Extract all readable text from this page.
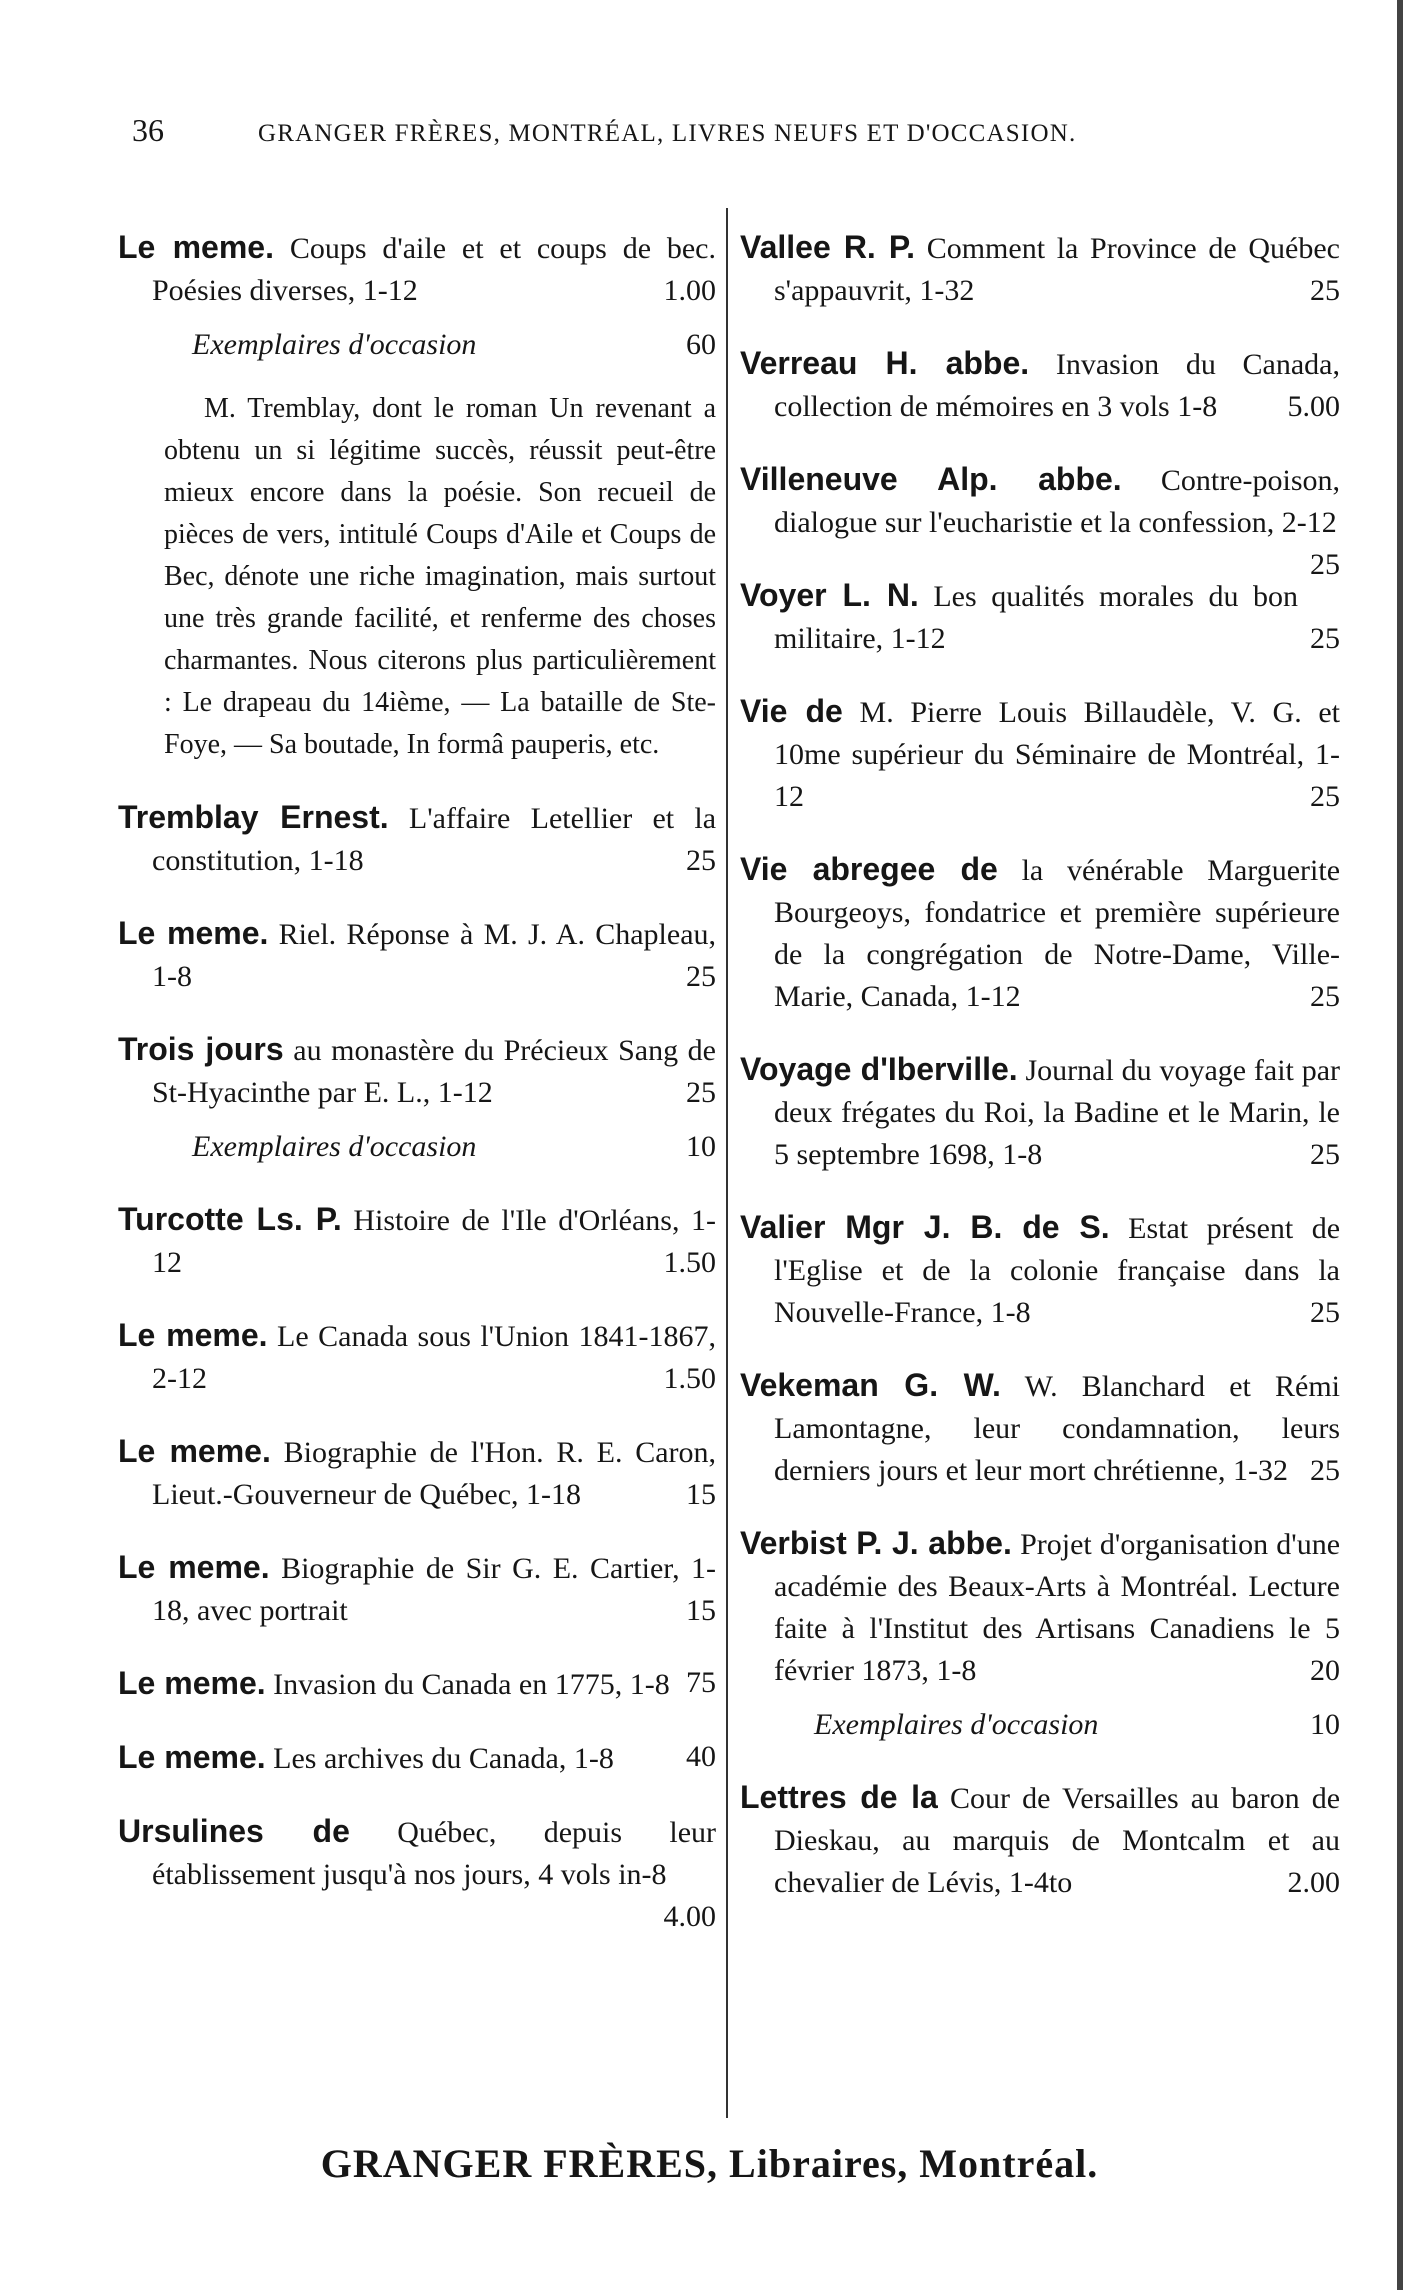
36	GRANGER FRÈRES, MONTRÉAL, LIVRES NEUFS ET D'OCCASION.

Le meme. Coups d'aile et et coups de bec. Poésies diverses, 1-12	1.00

Exemplaires d'occasion	60

M. Tremblay, dont le roman Un revenant a obtenu un si légitime succès, réussit peut-être mieux encore dans la poésie. Son recueil de pièces de vers, intitulé Coups d'Aile et Coups de Bec, dénote une riche imagination, mais surtout une très grande facilité, et renferme des choses charmantes. Nous citerons plus particulièrement : Le drapeau du 14ième, — La bataille de Ste-Foye, — Sa boutade, In formâ pauperis, etc.

Tremblay Ernest. L'affaire Letellier et la constitution, 1-18	25

Le meme. Riel. Réponse à M. J. A. Chapleau, 1-8	25

Trois jours au monastère du Précieux Sang de St-Hyacinthe par E. L., 1-12	25

Exemplaires d'occasion	10

Turcotte Ls. P. Histoire de l'Ile d'Orléans, 1-12	1.50

Le meme. Le Canada sous l'Union 1841-1867, 2-12	1.50

Le meme. Biographie de l'Hon. R. E. Caron, Lieut.-Gouverneur de Québec, 1-18	15

Le meme. Biographie de Sir G. E. Cartier, 1-18, avec portrait	15

Le meme. Invasion du Canada en 1775, 1-8 75

Le meme. Les archives du Canada, 1-8	40

Ursulines de Québec, depuis leur établissement jusqu'à nos jours, 4 vols in-8
4.00

Vallee R. P. Comment la Province de Québec s'appauvrit, 1-32	25

Verreau H. abbe. Invasion du Canada, collection de mémoires en 3 vols 1-8	5.00

Villeneuve Alp. abbe. Contre-poison, dialogue sur l'eucharistie et la confession, 2-12
25

Voyer L. N. Les qualités morales du bon militaire, 1-12	25

Vie de M. Pierre Louis Billaudèle, V. G. et 10me supérieur du Séminaire de Montréal, 1-12	25

Vie abregee de la vénérable Marguerite Bourgeoys, fondatrice et première supérieure de la congrégation de Notre-Dame, Ville-Marie, Canada, 1-12	25

Voyage d'Iberville. Journal du voyage fait par deux frégates du Roi, la Badine et le Marin, le 5 septembre 1698, 1-8	25

Valier Mgr J. B. de S. Estat présent de l'Eglise et de la colonie française dans la Nouvelle-France, 1-8	25

Vekeman G. W. W. Blanchard et Rémi Lamontagne, leur condamnation, leurs derniers jours et leur mort chrétienne, 1-32 25

Verbist P. J. abbe. Projet d'organisation d'une académie des Beaux-Arts à Montréal. Lecture faite à l'Institut des Artisans Canadiens le 5 février 1873, 1-8	20

Exemplaires d'occasion	10

Lettres de la Cour de Versailles au baron de Dieskau, au marquis de Montcalm et au chevalier de Lévis, 1-4to	2.00

GRANGER FRÈRES, Libraires, Montréal.
